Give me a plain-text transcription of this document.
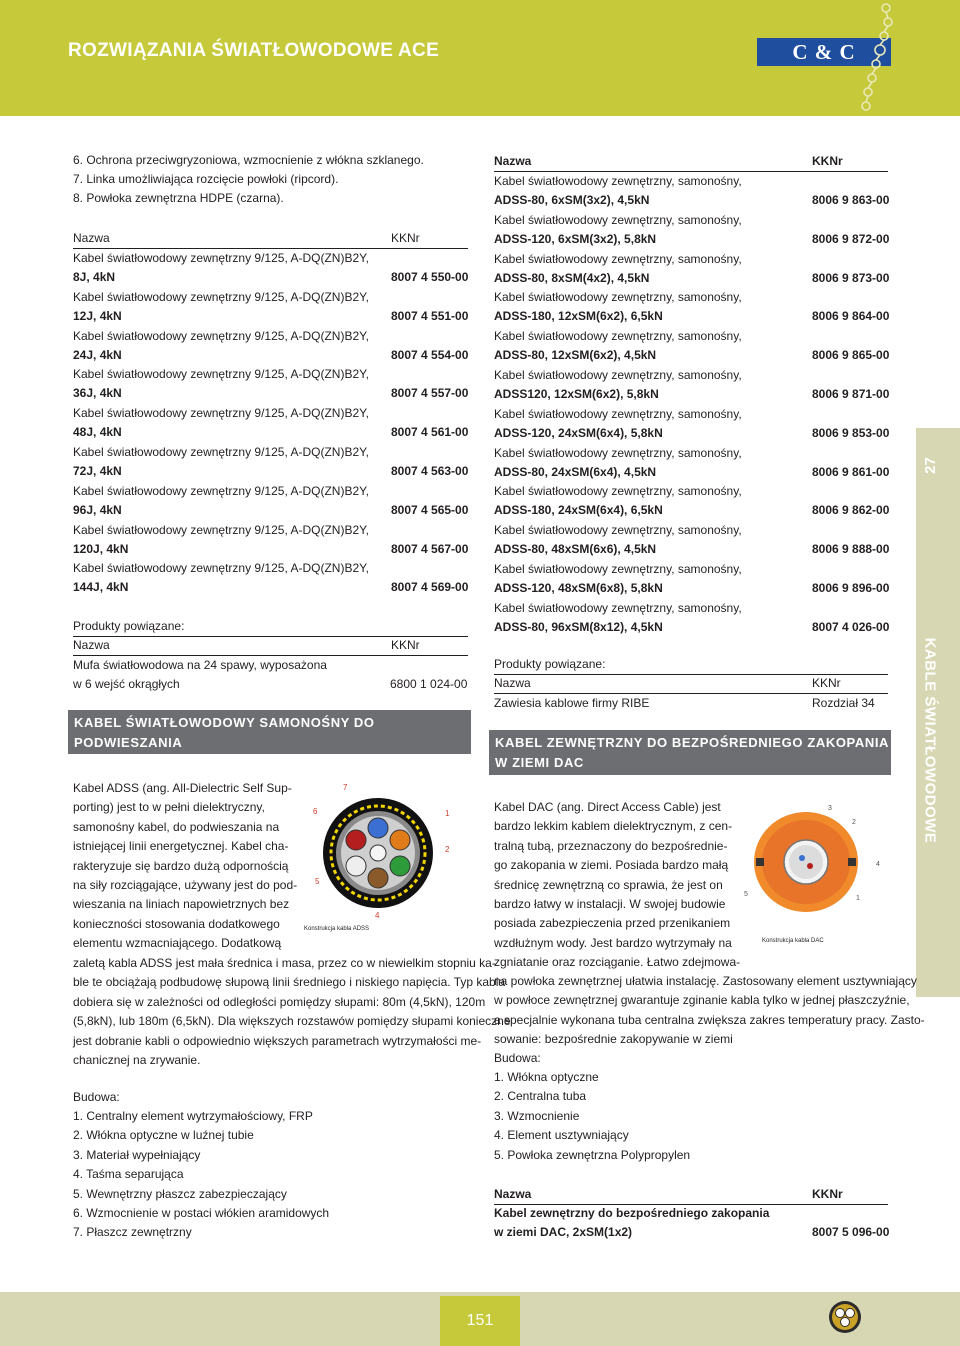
ROZWIĄZANIA ŚWIATŁOWODOWE ACE	C & C
27
KABLE ŚWIATŁOWODOWE
6. Ochrona przeciwgryzoniowa, wzmocnienie z włókna szklanego.
7. Linka umożliwiająca rozcięcie powłoki (ripcord).
8. Powłoka zewnętrzna HDPE (czarna).
Nazwa	KKNr
Kabel światłowodowy zewnętrzny 9/125, A-DQ(ZN)B2Y,
8J, 4kN	8007 4 550-00
Kabel światłowodowy zewnętrzny 9/125, A-DQ(ZN)B2Y,
12J, 4kN	8007 4 551-00
Kabel światłowodowy zewnętrzny 9/125, A-DQ(ZN)B2Y,
24J, 4kN	8007 4 554-00
Kabel światłowodowy zewnętrzny 9/125, A-DQ(ZN)B2Y,
36J, 4kN	8007 4 557-00
Kabel światłowodowy zewnętrzny 9/125, A-DQ(ZN)B2Y,
48J, 4kN	8007 4 561-00
Kabel światłowodowy zewnętrzny 9/125, A-DQ(ZN)B2Y,
72J, 4kN	8007 4 563-00
Kabel światłowodowy zewnętrzny 9/125, A-DQ(ZN)B2Y,
96J, 4kN	8007 4 565-00
Kabel światłowodowy zewnętrzny 9/125, A-DQ(ZN)B2Y,
120J, 4kN	8007 4 567-00
Kabel światłowodowy zewnętrzny 9/125, A-DQ(ZN)B2Y,
144J, 4kN	8007 4 569-00
Produkty powiązane:
Nazwa	KKNr
Mufa światłowodowa na 24 spawy, wyposażona
w 6 wejść okrągłych	6800 1 024-00
KABEL ŚWIATŁOWODOWY SAMONOŚNY DO PODWIESZANIA
ADSS
Kabel ADSS (ang. All-Dielectric Self Sup-
porting) jest to w pełni dielektryczny,
samonośny kabel, do podwieszania na
istniejącej linii energetycznej. Kabel cha-
rakteryzuje się bardzo dużą odpornością
na siły rozciągające, używany jest do pod-
wieszania na liniach napowietrznych bez
konieczności stosowania dodatkowego
elementu wzmacniającego. Dodatkową
zaletą kabla ADSS jest mała średnica i masa, przez co w niewielkim stopniu ka-
ble te obciążają podbudowę słupową linii średniego i niskiego napięcia. Typ kabla
dobiera się w zależności od odległości pomiędzy słupami: 80m (4,5kN), 120m
(5,8kN), lub 180m (6,5kN). Dla większych rozstawów pomiędzy słupami konieczne
jest dobranie kabli o odpowiednio większych parametrach wytrzymałości me-
chanicznej na zrywanie.
7
6	1
2
5
4
Konstrukcja kabla ADSS
Budowa:
1. Centralny element wytrzymałościowy, FRP
2. Włókna optyczne w luźnej tubie
3. Materiał wypełniający
4. Taśma separująca
5. Wewnętrzny płaszcz zabezpieczający
6. Wzmocnienie w postaci włókien aramidowych
7. Płaszcz zewnętrzny
Nazwa	KKNr
Kabel światłowodowy zewnętrzny, samonośny,
ADSS-80, 6xSM(3x2), 4,5kN	8006 9 863-00
Kabel światłowodowy zewnętrzny, samonośny,
ADSS-120, 6xSM(3x2), 5,8kN	8006 9 872-00
Kabel światłowodowy zewnętrzny, samonośny,
ADSS-80, 8xSM(4x2), 4,5kN	8006 9 873-00
Kabel światłowodowy zewnętrzny, samonośny,
ADSS-180, 12xSM(6x2), 6,5kN	8006 9 864-00
Kabel światłowodowy zewnętrzny, samonośny,
ADSS-80, 12xSM(6x2), 4,5kN	8006 9 865-00
Kabel światłowodowy zewnętrzny, samonośny,
ADSS120, 12xSM(6x2), 5,8kN	8006 9 871-00
Kabel światłowodowy zewnętrzny, samonośny,
ADSS-120, 24xSM(6x4), 5,8kN	8006 9 853-00
Kabel światłowodowy zewnętrzny, samonośny,
ADSS-80, 24xSM(6x4), 4,5kN	8006 9 861-00
Kabel światłowodowy zewnętrzny, samonośny,
ADSS-180, 24xSM(6x4), 6,5kN	8006 9 862-00
Kabel światłowodowy zewnętrzny, samonośny,
ADSS-80, 48xSM(6x6), 4,5kN	8006 9 888-00
Kabel światłowodowy zewnętrzny, samonośny,
ADSS-120, 48xSM(6x8), 5,8kN	8006 9 896-00
Kabel światłowodowy zewnętrzny, samonośny,
ADSS-80, 96xSM(8x12), 4,5kN	8007 4 026-00
Produkty powiązane:
Nazwa	KKNr
Zawiesia kablowe firmy RIBE	Rozdział 34
KABEL ZEWNĘTRZNY DO BEZPOŚREDNIEGO ZAKOPANIA
W ZIEMI DAC
Kabel DAC (ang. Direct Access Cable) jest
bardzo lekkim kablem dielektrycznym, z cen-
tralną tubą, przeznaczony do bezpośrednie-
go zakopania w ziemi. Posiada bardzo małą
średnicę zewnętrzną co sprawia, że jest on
bardzo łatwy w instalacji. W swojej budowie
posiada zabezpieczenia przed przenikaniem
wzdłużnym wody. Jest bardzo wytrzymały na
zgniatanie oraz rozciąganie. Łatwo zdejmowa-
na powłoka zewnętrznej ułatwia instalację. Zastosowany element usztywniający
w powłoce zewnętrznej gwarantuje zginanie kabla tylko w jednej płaszczyźnie,
a specjalnie wykonana tuba centralna zwiększa zakres temperatury pracy. Zasto-
sowanie: bezpośrednie zakopywanie w ziemi
3
2
4
1
5
Konstrukcja kabla DAC
Budowa:
1. Włókna optyczne
2. Centralna tuba
3. Wzmocnienie
4. Element usztywniający
5. Powłoka zewnętrzna Polypropylen
Nazwa	KKNr
Kabel zewnętrzny do bezpośredniego zakopania
w ziemi DAC, 2xSM(1x2)	8007 5 096-00
151
